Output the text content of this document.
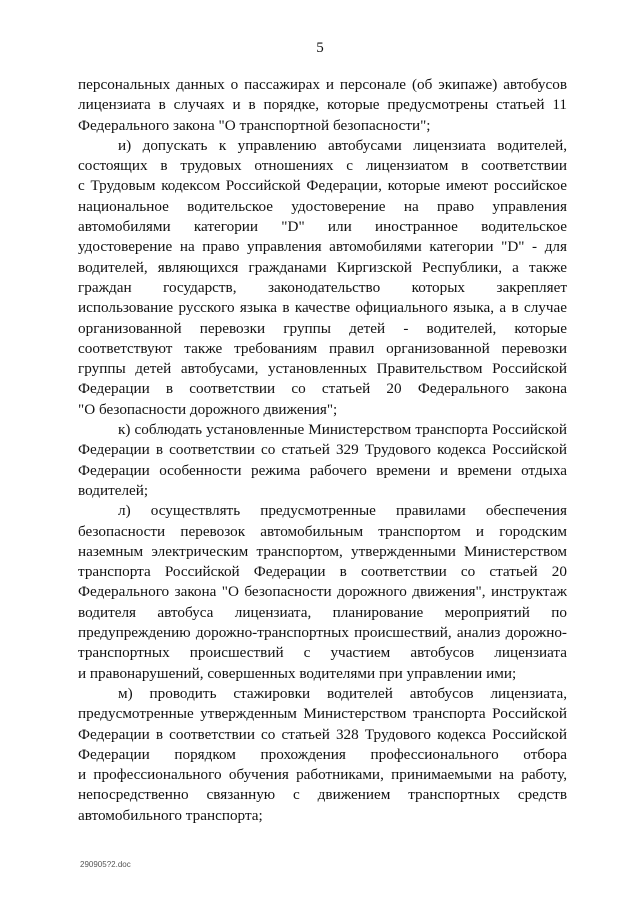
5
персональных данных о пассажирах и персонале (об экипаже) автобусов
лицензиата в случаях и в порядке, которые предусмотрены статьей 11
Федерального закона "О транспортной безопасности";
и) допускать к управлению автобусами лицензиата водителей,
состоящих в трудовых отношениях с лицензиатом в соответствии
с Трудовым кодексом Российской Федерации, которые имеют российское
национальное водительское удостоверение на право управления
автомобилями категории "D" или иностранное водительское
удостоверение на право управления автомобилями категории "D" - для
водителей, являющихся гражданами Киргизской Республики, а также
граждан государств, законодательство которых закрепляет
использование русского языка в качестве официального языка, а в случае
организованной перевозки группы детей - водителей, которые
соответствуют также требованиям правил организованной перевозки
группы детей автобусами, установленных Правительством Российской
Федерации в соответствии со статьей 20 Федерального закона
"О безопасности дорожного движения";
к) соблюдать установленные Министерством транспорта Российской
Федерации в соответствии со статьей 329 Трудового кодекса Российской
Федерации особенности режима рабочего времени и времени отдыха
водителей;
л) осуществлять предусмотренные правилами обеспечения
безопасности перевозок автомобильным транспортом и городским
наземным электрическим транспортом, утвержденными Министерством
транспорта Российской Федерации в соответствии со статьей 20
Федерального закона "О безопасности дорожного движения", инструктаж
водителя автобуса лицензиата, планирование мероприятий по
предупреждению дорожно-транспортных происшествий, анализ дорожно-
транспортных происшествий с участием автобусов лицензиата
и правонарушений, совершенных водителями при управлении ими;
м) проводить стажировки водителей автобусов лицензиата,
предусмотренные утвержденным Министерством транспорта Российской
Федерации в соответствии со статьей 328 Трудового кодекса Российской
Федерации порядком прохождения профессионального отбора
и профессионального обучения работниками, принимаемыми на работу,
непосредственно связанную с движением транспортных средств
автомобильного транспорта;
290905?2.doc
